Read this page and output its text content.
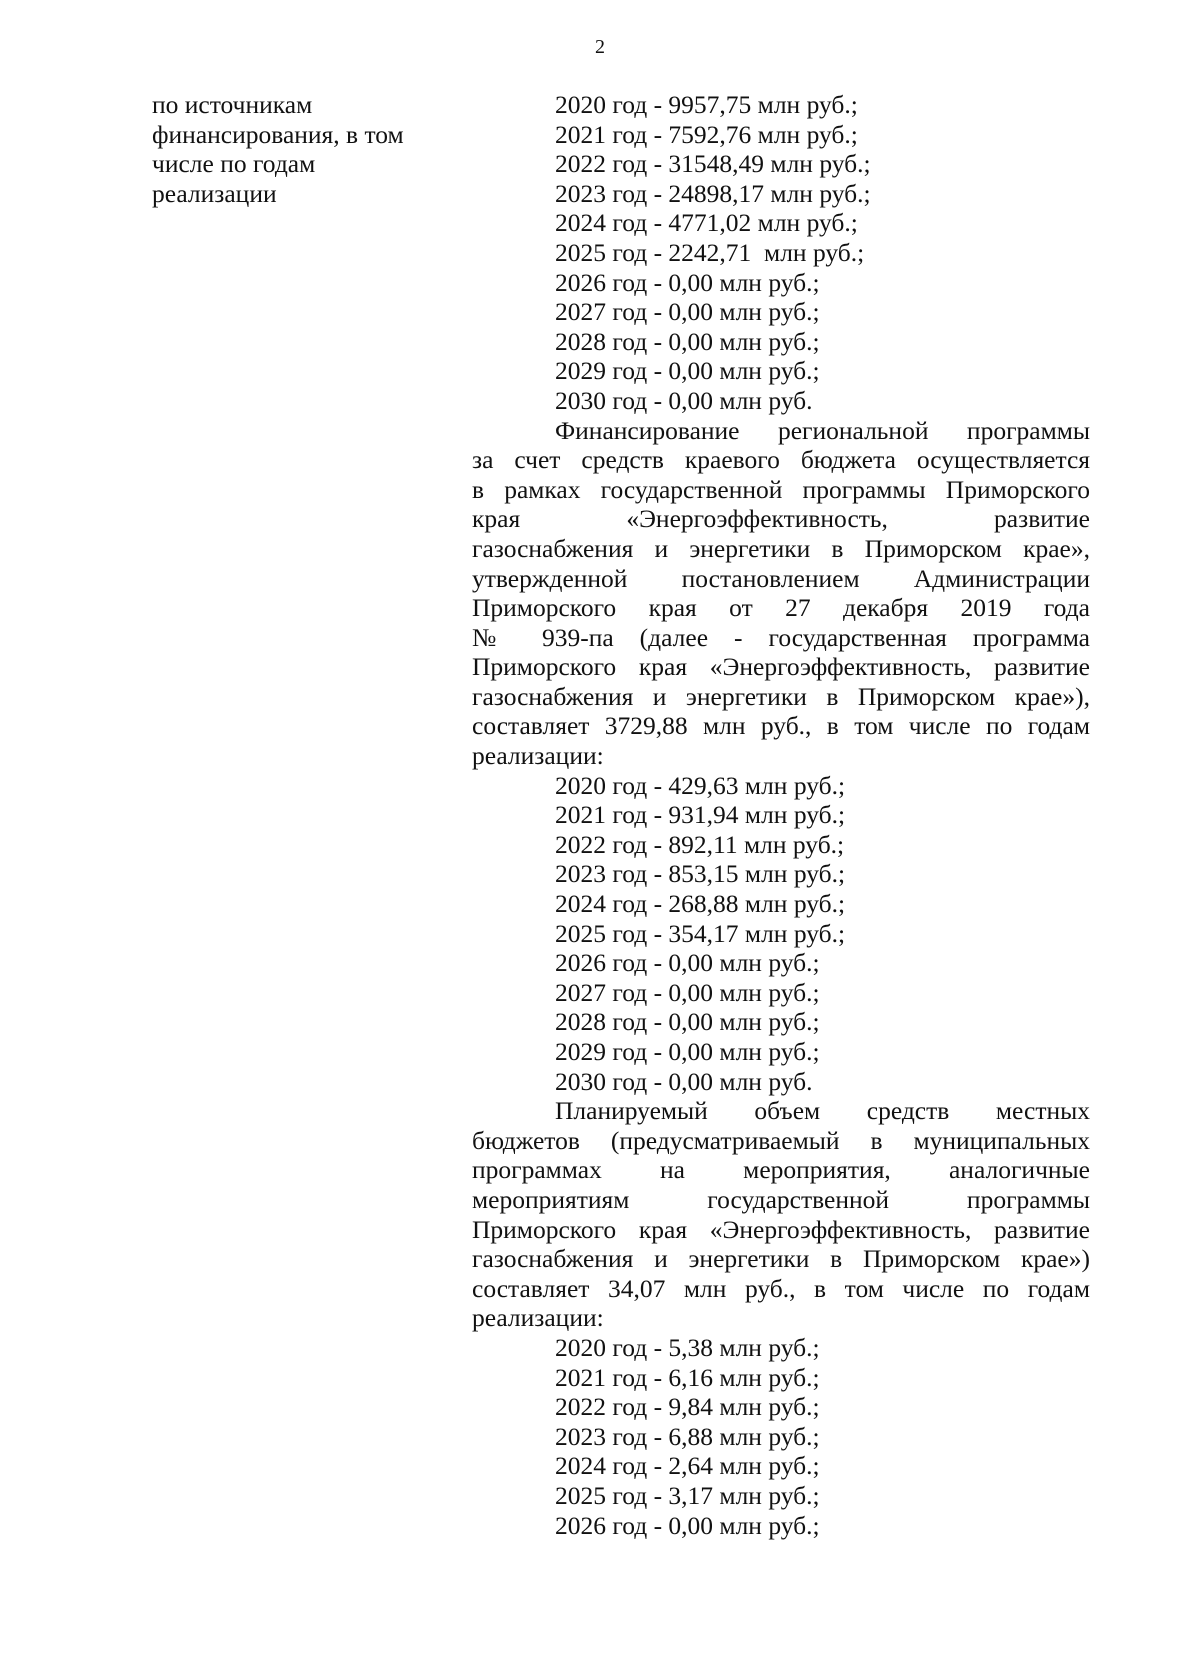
2
по источникам
финансирования, в том
числе по годам
реализации
2020 год - 9957,75 млн руб.;
2021 год - 7592,76 млн руб.;
2022 год - 31548,49 млн руб.;
2023 год - 24898,17 млн руб.;
2024 год - 4771,02 млн руб.;
2025 год - 2242,71  млн руб.;
2026 год - 0,00 млн руб.;
2027 год - 0,00 млн руб.;
2028 год - 0,00 млн руб.;
2029 год - 0,00 млн руб.;
2030 год - 0,00 млн руб.
Финансирование региональной программы
за счет средств краевого бюджета осуществляется
в рамках государственной программы Приморского
края «Энергоэффективность, развитие
газоснабжения и энергетики в Приморском крае»,
утвержденной постановлением Администрации
Приморского края от 27 декабря 2019 года
№ 939-па (далее - государственная программа
Приморского края «Энергоэффективность, развитие
газоснабжения и энергетики в Приморском крае»),
составляет 3729,88 млн руб., в том числе по годам
реализации:
2020 год - 429,63 млн руб.;
2021 год - 931,94 млн руб.;
2022 год - 892,11 млн руб.;
2023 год - 853,15 млн руб.;
2024 год - 268,88 млн руб.;
2025 год - 354,17 млн руб.;
2026 год - 0,00 млн руб.;
2027 год - 0,00 млн руб.;
2028 год - 0,00 млн руб.;
2029 год - 0,00 млн руб.;
2030 год - 0,00 млн руб.
Планируемый объем средств местных
бюджетов (предусматриваемый в муниципальных
программах на мероприятия, аналогичные
мероприятиям государственной программы
Приморского края «Энергоэффективность, развитие
газоснабжения и энергетики в Приморском крае»)
составляет 34,07 млн руб., в том числе по годам
реализации:
2020 год - 5,38 млн руб.;
2021 год - 6,16 млн руб.;
2022 год - 9,84 млн руб.;
2023 год - 6,88 млн руб.;
2024 год - 2,64 млн руб.;
2025 год - 3,17 млн руб.;
2026 год - 0,00 млн руб.;
